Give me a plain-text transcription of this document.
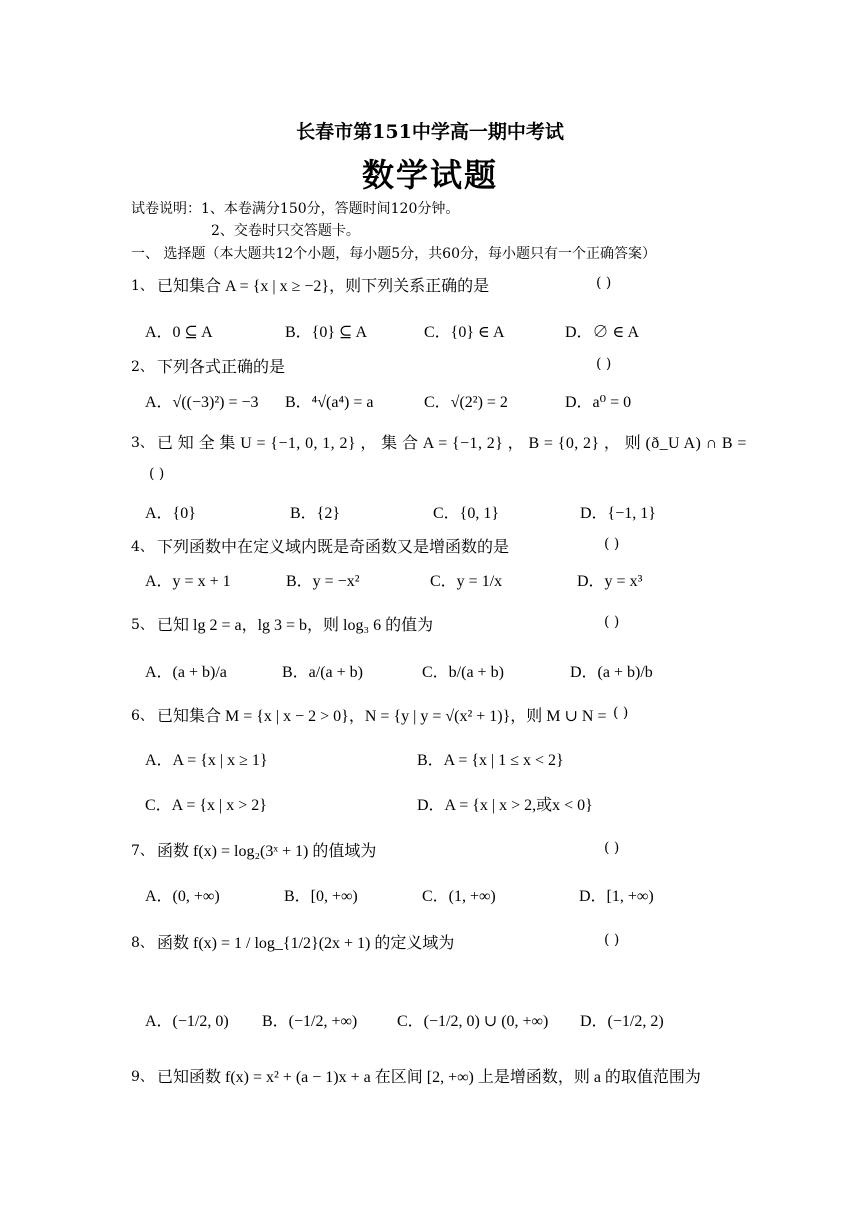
长春市第151中学高一期中考试
数学试题
试卷说明：1、本卷满分150分，答题时间120分钟。
2、交卷时只交答题卡。
一、 选择题（本大题共12个小题，每小题5分，共60分，每小题只有一个正确答案）
1、 已知集合 A = {x | x ≥ −2}，则下列关系正确的是	( )
A．0 ⊆ A	B．{0} ⊆ A	C．{0} ∈ A	D．∅ ∈ A
2、 下列各式正确的是	( )
A．√((−3)²) = −3 B．⁴√(a⁴) = a	C．√(2²) = 2	D．a⁰ = 0
3、 已 知 全 集 U = {−1, 0, 1, 2} ， 集 合 A = {−1, 2} ， B = {0, 2} ， 则 (ð_U A) ∩ B =
( )
A．{0}	B．{2}	C．{0, 1}	D．{−1, 1}
4、 下列函数中在定义域内既是奇函数又是增函数的是	( )
A．y = x + 1	B．y = −x²	C．y = 1/x	D．y = x³
5、 已知 lg 2 = a，lg 3 = b，则 log₃ 6 的值为	( )
A．(a + b)/a	B．a/(a + b)	C．b/(a + b)	D．(a + b)/b
6、 已知集合 M = {x | x − 2 > 0}，N = {y | y = √(x² + 1)}，则 M ∪ N = ( )
A．A = {x | x ≥ 1}	B．A = {x | 1 ≤ x < 2}
C．A = {x | x > 2}	D．A = {x | x > 2,或x < 0}
7、 函数 f(x) = log₂(3ˣ + 1) 的值域为	( )
A．(0, +∞)	B．[0, +∞)	C．(1, +∞)	D．[1, +∞)
8、 函数 f(x) = 1 / log_{1/2}(2x + 1) 的定义域为	( )
A．(−1/2, 0) B．(−1/2, +∞) C．(−1/2, 0) ∪ (0, +∞) D．(−1/2, 2)
9、 已知函数 f(x) = x² + (a − 1)x + a 在区间 [2, +∞) 上是增函数，则 a 的取值范围为
